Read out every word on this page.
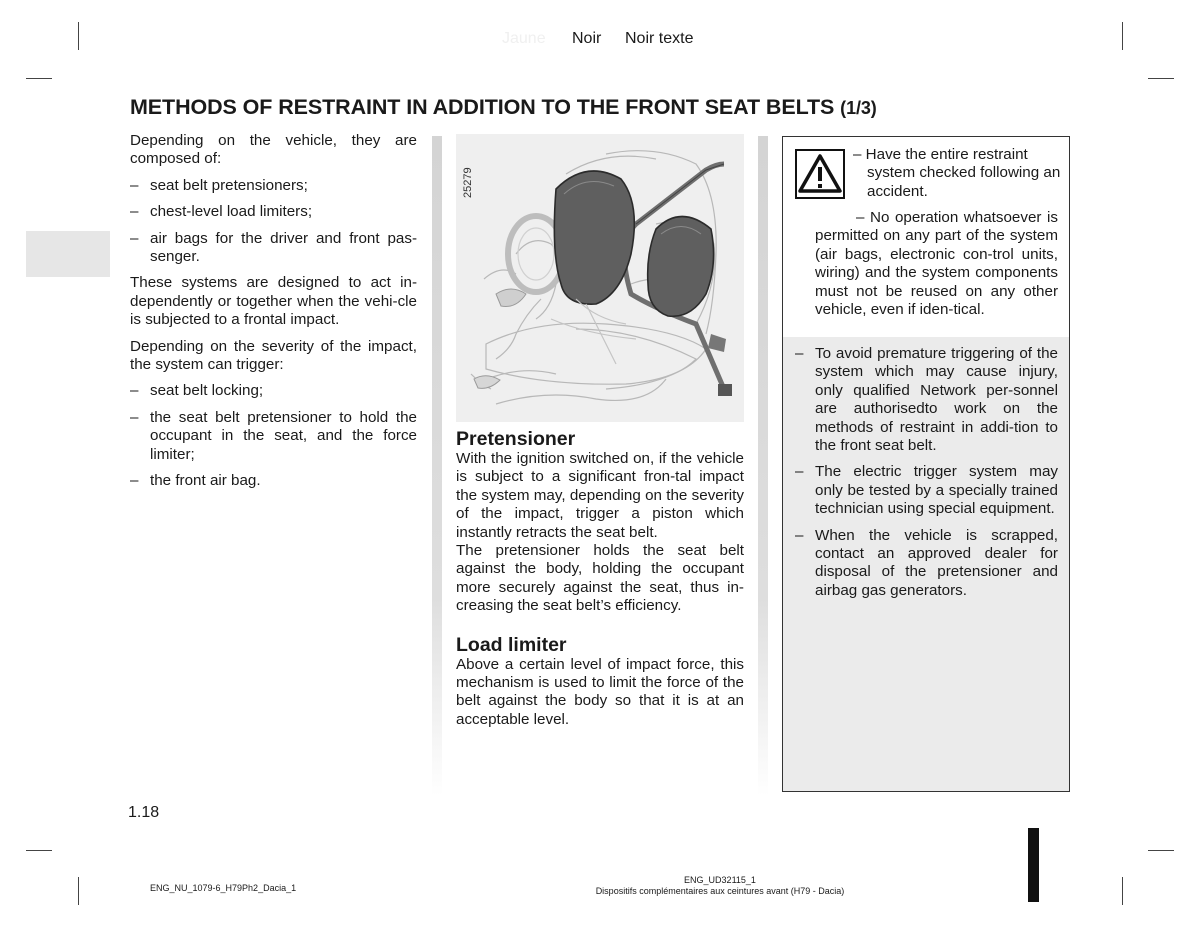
Jaune Noir Noir texte
METHODS OF RESTRAINT IN ADDITION TO THE FRONT SEAT BELTS (1/3)

Depending on the vehicle, they are composed of:

– seat belt pretensioners;
– chest-level load limiters;
– air bags for the driver and front pas-senger.

These systems are designed to act in-dependently or together when the vehi-cle is subjected to a frontal impact.

Depending on the severity of the impact, the system can trigger:

– seat belt locking;
– the seat belt pretensioner to hold the occupant in the seat, and the force limiter;
– the front air bag.
25279
Pretensioner

With the ignition switched on, if the vehicle is subject to a significant fron-tal impact the system may, depending on the severity of the impact, trigger a piston which instantly retracts the seat belt.

The pretensioner holds the seat belt against the body, holding the occupant more securely against the seat, thus in-creasing the seat belt’s efficiency.

Load limiter

Above a certain level of impact force, this mechanism is used to limit the force of the belt against the body so that it is at an acceptable level.

– Have the entire restraint system checked following an accident.
– No operation whatsoever is permitted on any part of the system (air bags, electronic con-trol units, wiring) and the system components must not be reused on any other vehicle, even if iden-tical.
– To avoid premature triggering of the system which may cause injury, only qualified Network per-sonnel are authorisedto work on the methods of restraint in addi-tion to the front seat belt.
– The electric trigger system may only be tested by a specially trained technician using special equipment.
– When the vehicle is scrapped, contact an approved dealer for disposal of the pretensioner and airbag gas generators.
1.18
ENG_NU_1079-6_H79Ph2_Dacia_1
ENG_UD32115_1
Dispositifs complémentaires aux ceintures avant (H79 - Dacia)
